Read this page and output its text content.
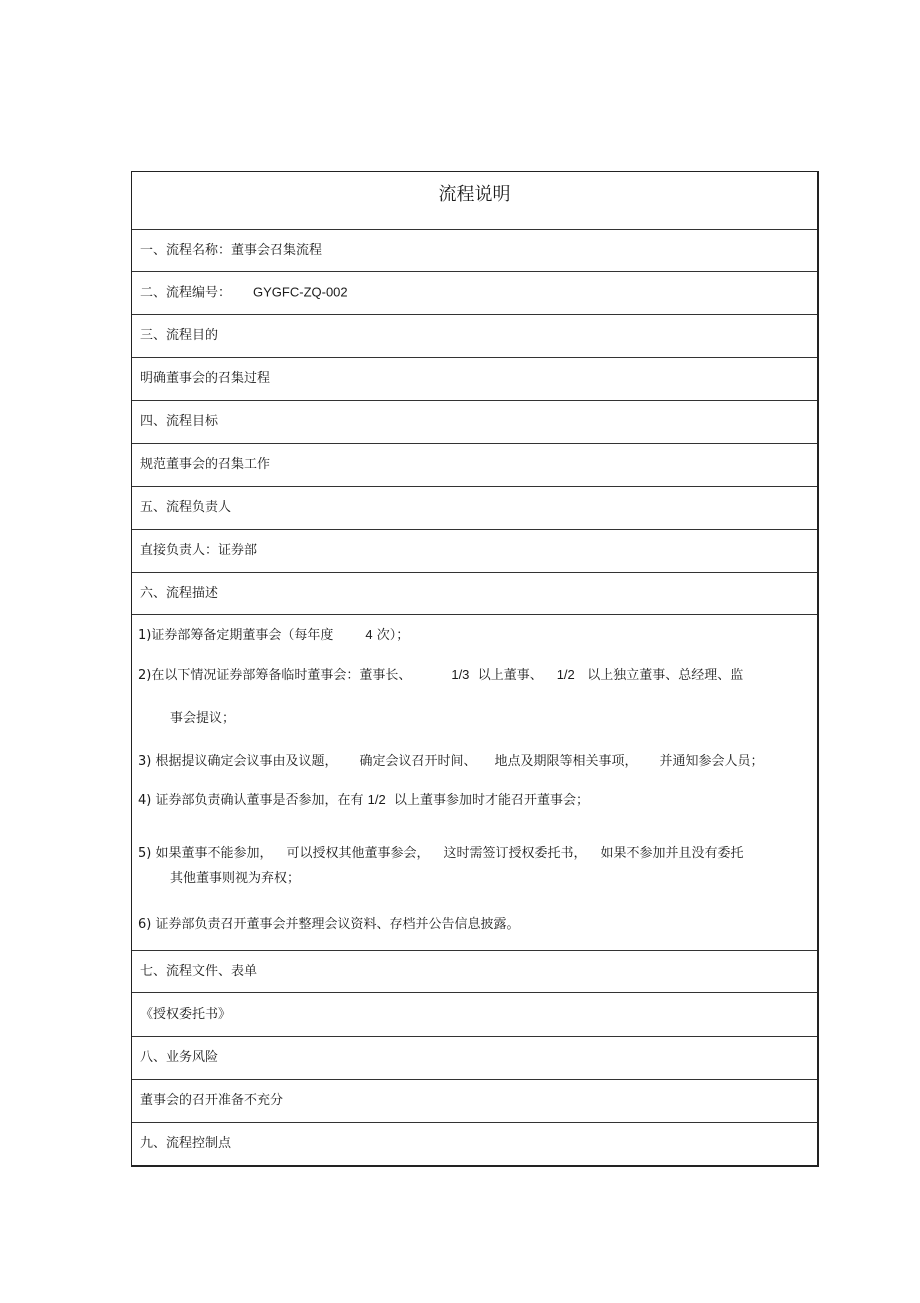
流程说明
一、流程名称：董事会召集流程
二、流程编号： GYGFC-ZQ-002
三、流程目的
明确董事会的召集过程
四、流程目标
规范董事会的召集工作
五、流程负责人
直接负责人：证券部
六、流程描述
1)证券部筹备定期董事会（每年度 4 次）；
2)在以下情况证券部筹备临时董事会：董事长、	1/3 以上董事、 1/2 以上独立董事、总经理、监
事会提议；
3) 根据提议确定会议事由及议题， 确定会议召开时间、 地点及期限等相关事项， 并通知参会人员；
4) 证券部负责确认董事是否参加，在有 1/2 以上董事参加时才能召开董事会；
5) 如果董事不能参加， 可以授权其他董事参会， 这时需签订授权委托书， 如果不参加并且没有委托
其他董事则视为弃权；
6) 证券部负责召开董事会并整理会议资料、存档并公告信息披露。
七、流程文件、表单
《授权委托书》
八、业务风险
董事会的召开准备不充分
九、流程控制点
